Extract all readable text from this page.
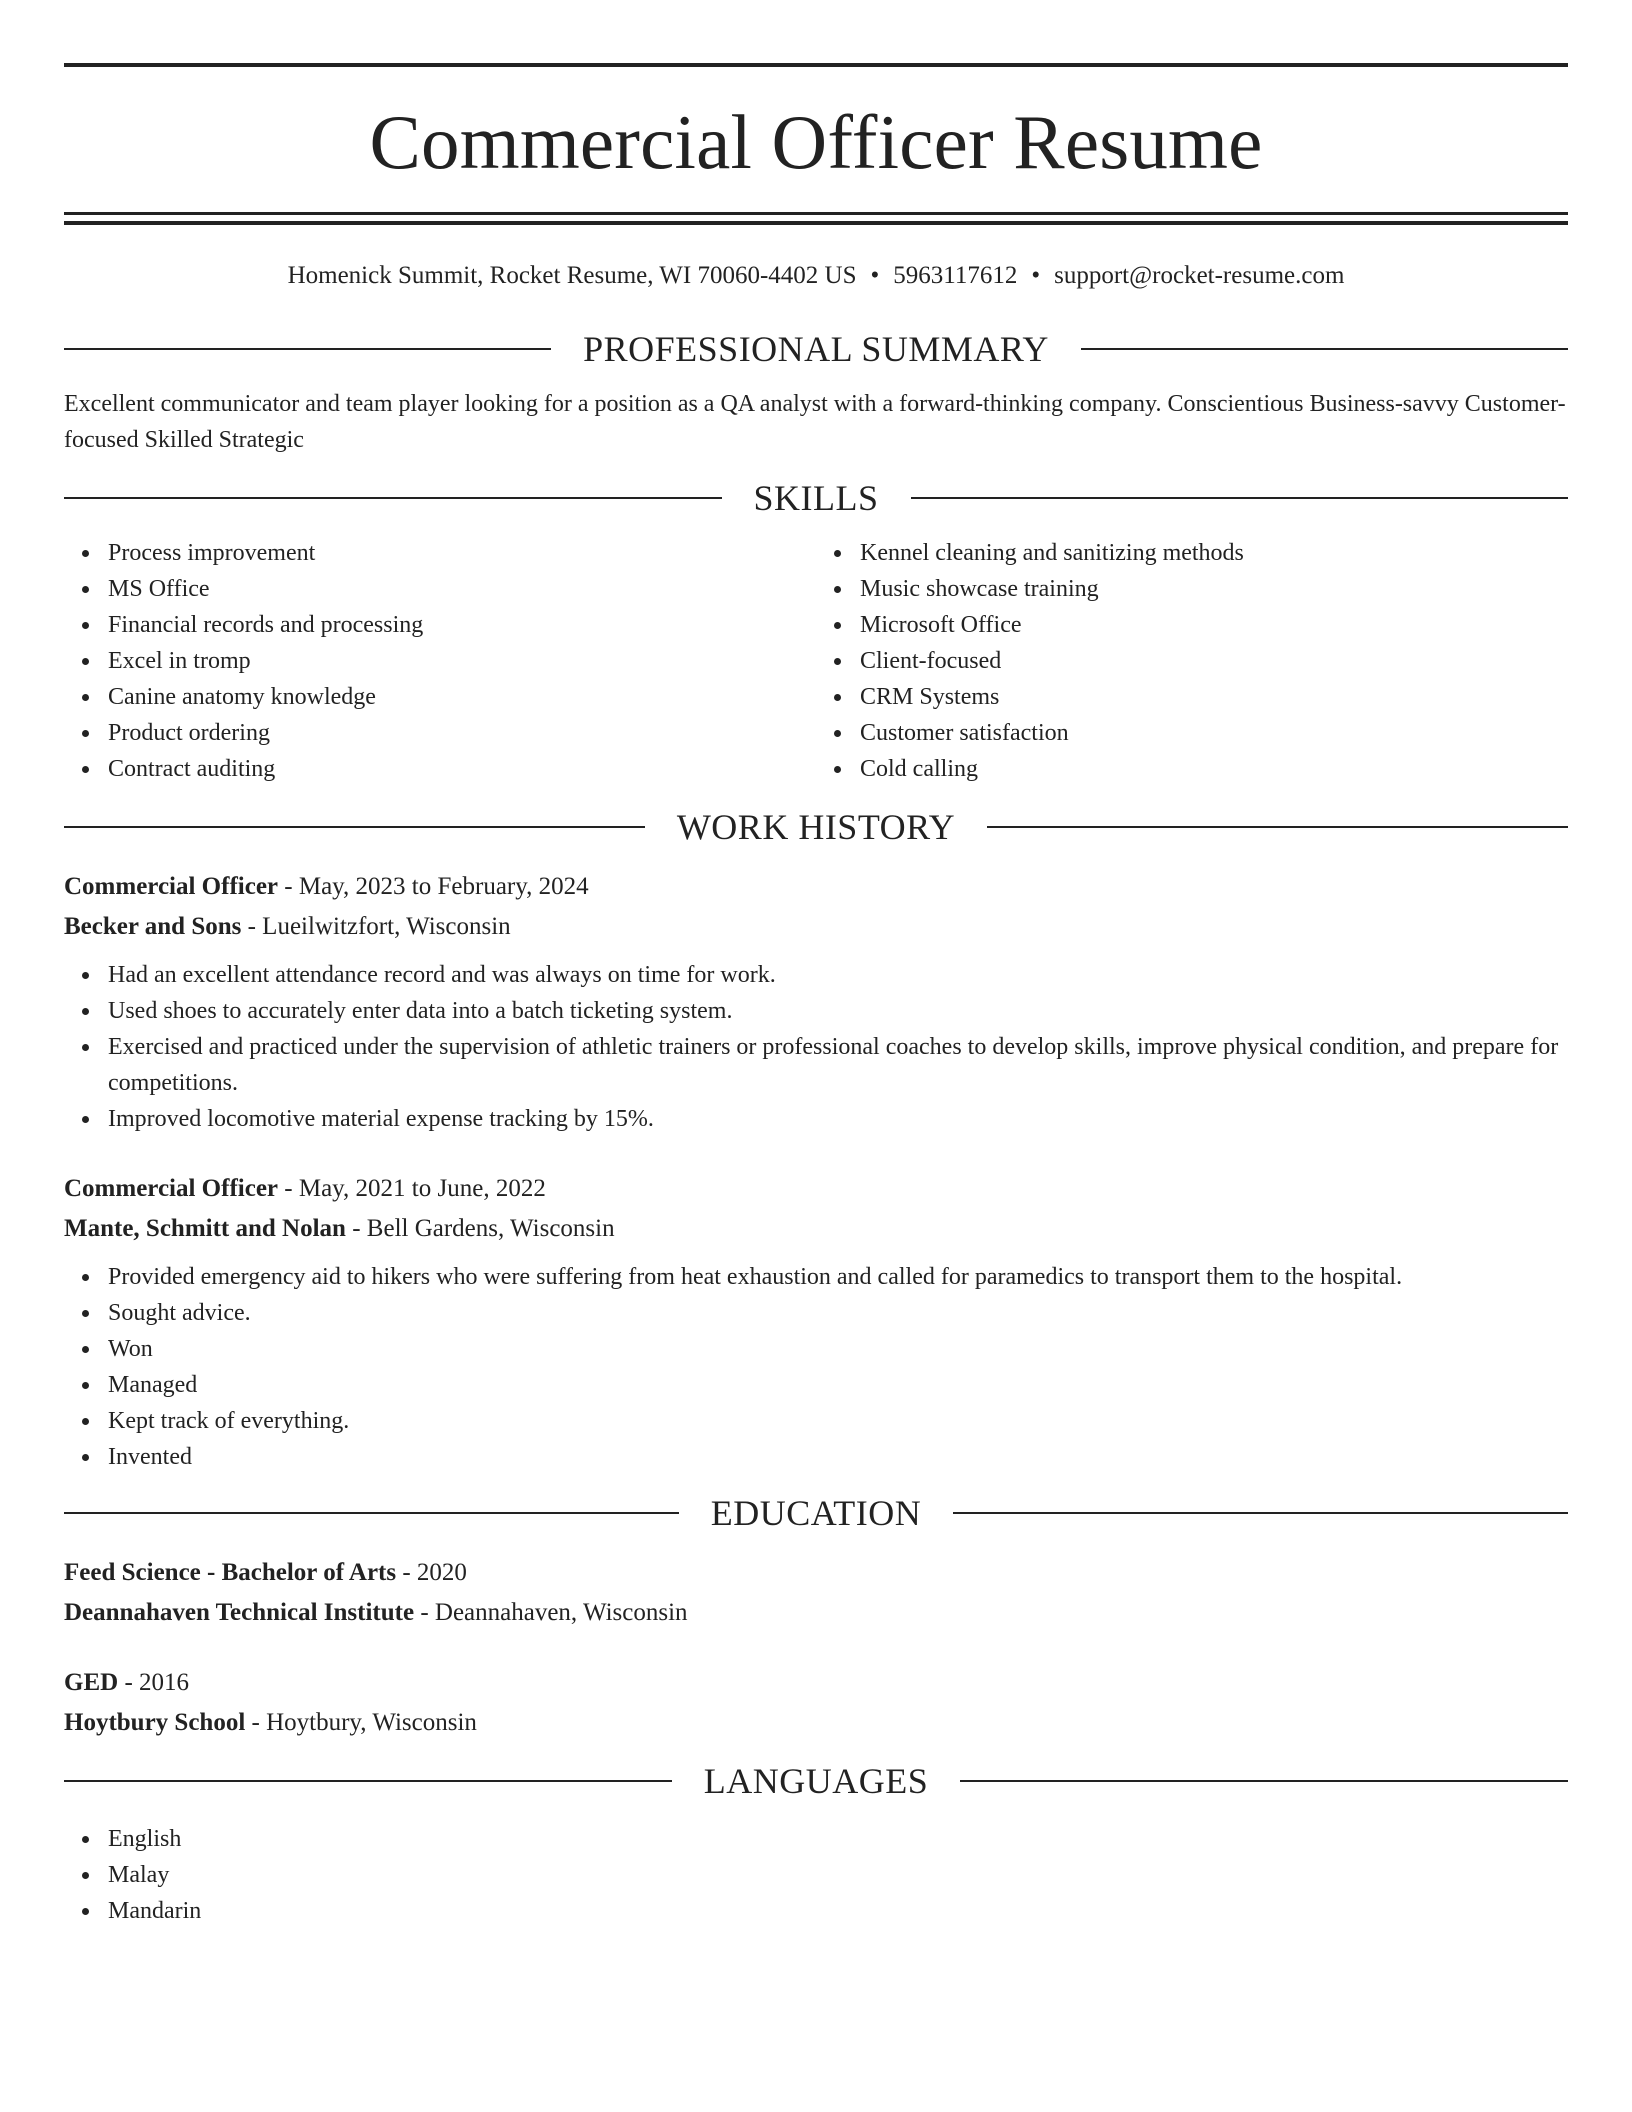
Commercial Officer Resume
Homenick Summit, Rocket Resume, WI 70060-4402 US • 5963117612 • support@rocket-resume.com
PROFESSIONAL SUMMARY
Excellent communicator and team player looking for a position as a QA analyst with a forward-thinking company. Conscientious Business-savvy Customer-focused Skilled Strategic
SKILLS
Process improvement
MS Office
Financial records and processing
Excel in tromp
Canine anatomy knowledge
Product ordering
Contract auditing
Kennel cleaning and sanitizing methods
Music showcase training
Microsoft Office
Client-focused
CRM Systems
Customer satisfaction
Cold calling
WORK HISTORY
Commercial Officer - May, 2023 to February, 2024
Becker and Sons - Lueilwitzfort, Wisconsin
Had an excellent attendance record and was always on time for work.
Used shoes to accurately enter data into a batch ticketing system.
Exercised and practiced under the supervision of athletic trainers or professional coaches to develop skills, improve physical condition, and prepare for competitions.
Improved locomotive material expense tracking by 15%.
Commercial Officer - May, 2021 to June, 2022
Mante, Schmitt and Nolan - Bell Gardens, Wisconsin
Provided emergency aid to hikers who were suffering from heat exhaustion and called for paramedics to transport them to the hospital.
Sought advice.
Won
Managed
Kept track of everything.
Invented
EDUCATION
Feed Science - Bachelor of Arts - 2020
Deannahaven Technical Institute - Deannahaven, Wisconsin
GED - 2016
Hoytbury School - Hoytbury, Wisconsin
LANGUAGES
English
Malay
Mandarin
